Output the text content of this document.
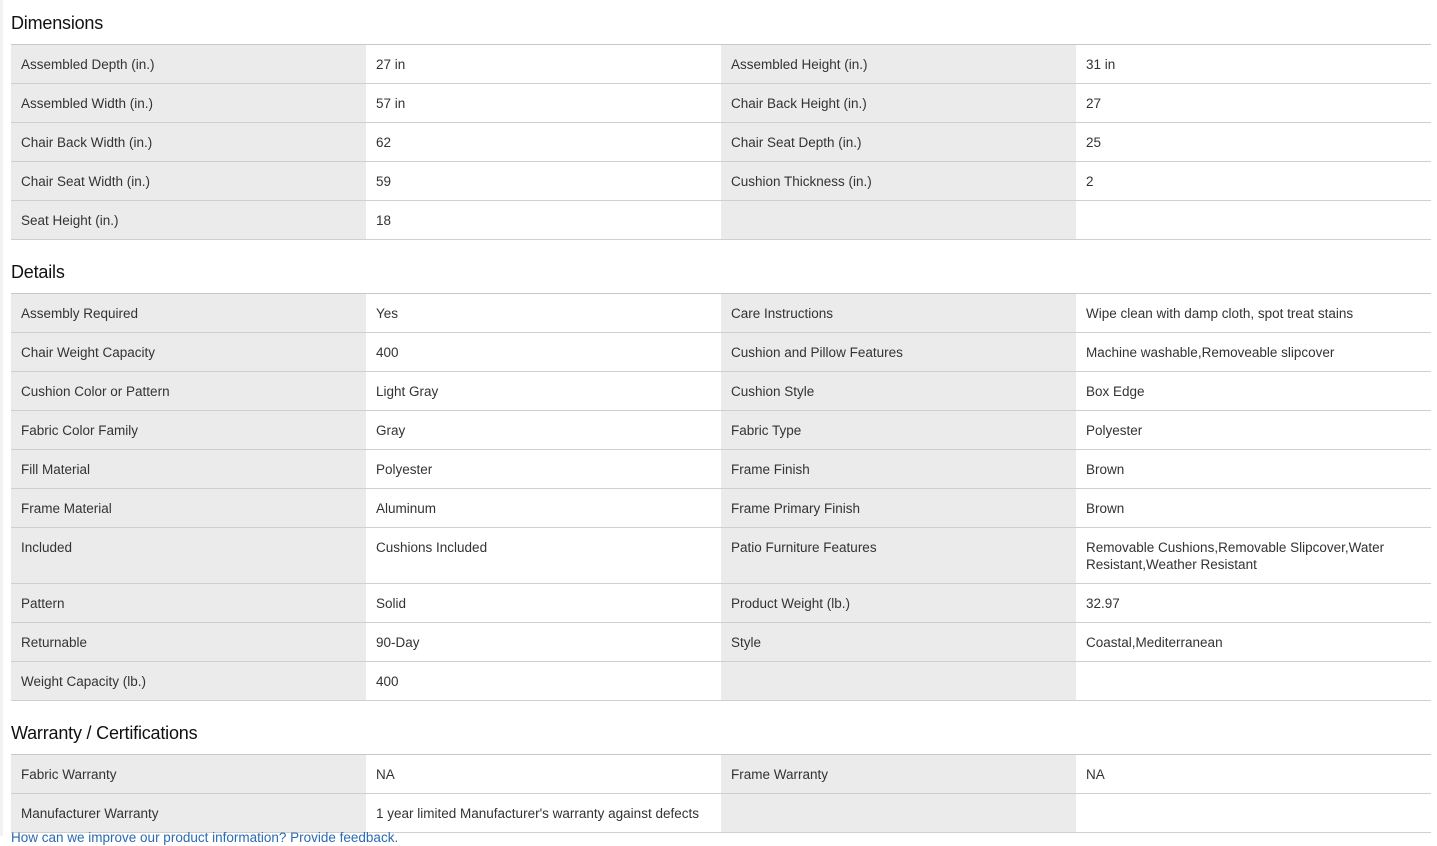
Dimensions
Assembled Depth (in.)	27 in	Assembled Height (in.)	31 in
Assembled Width (in.)	57 in	Chair Back Height (in.)	27
Chair Back Width (in.)	62	Chair Seat Depth (in.)	25
Chair Seat Width (in.)	59	Cushion Thickness (in.)	2
Seat Height (in.)	18		
Details
Assembly Required	Yes	Care Instructions	Wipe clean with damp cloth, spot treat stains
Chair Weight Capacity	400	Cushion and Pillow Features	Machine washable,Removeable slipcover
Cushion Color or Pattern	Light Gray	Cushion Style	Box Edge
Fabric Color Family	Gray	Fabric Type	Polyester
Fill Material	Polyester	Frame Finish	Brown
Frame Material	Aluminum	Frame Primary Finish	Brown
Included	Cushions Included	Patio Furniture Features	Removable Cushions,Removable Slipcover,Water Resistant,Weather Resistant
Pattern	Solid	Product Weight (lb.)	32.97
Returnable	90-Day	Style	Coastal,Mediterranean
Weight Capacity (lb.)	400		
Warranty / Certifications
Fabric Warranty	NA	Frame Warranty	NA
Manufacturer Warranty	1 year limited Manufacturer's warranty against defects		
How can we improve our product information? Provide feedback.
